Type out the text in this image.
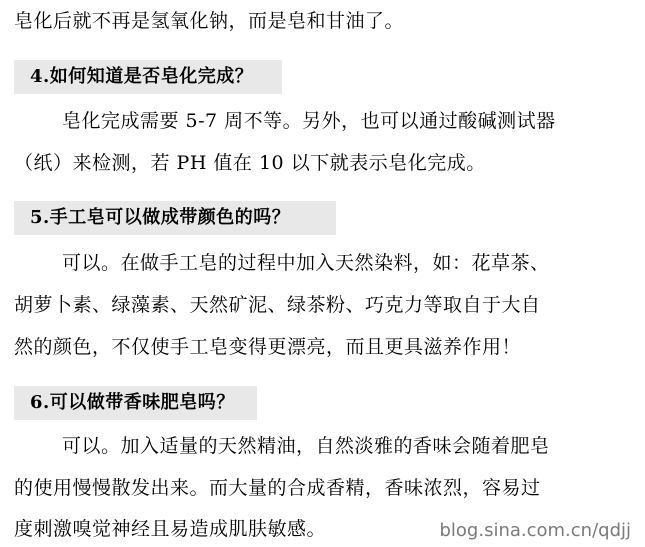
皂化后就不再是氢氧化钠，而是皂和甘油了。
4.如何知道是否皂化完成？
皂化完成需要 5-7 周不等。另外，也可以通过酸碱测试器
（纸）来检测，若 PH 值在 10 以下就表示皂化完成。
5.手工皂可以做成带颜色的吗？
可以。在做手工皂的过程中加入天然染料，如：花草茶、
胡萝卜素、绿藻素、天然矿泥、绿茶粉、巧克力等取自于大自
然的颜色，不仅使手工皂变得更漂亮，而且更具滋养作用！
6.可以做带香味肥皂吗？
可以。加入适量的天然精油，自然淡雅的香味会随着肥皂
的使用慢慢散发出来。而大量的合成香精，香味浓烈，容易过
度刺激嗅觉神经且易造成肌肤敏感。	blog.sina.com.cn/qdjj
